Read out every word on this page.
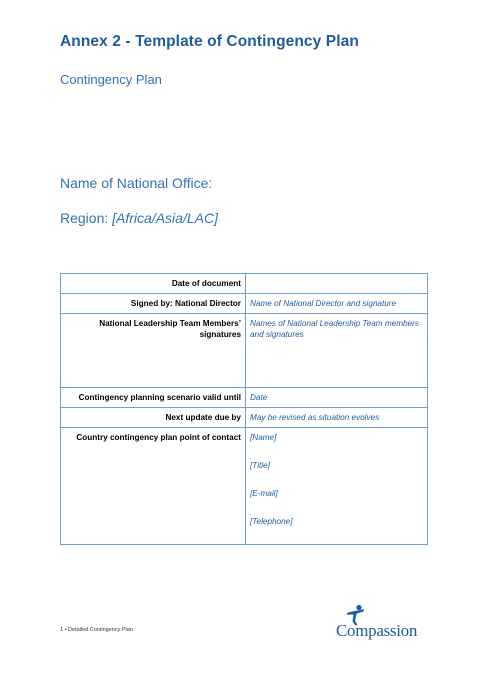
Annex 2 - Template of Contingency Plan
Contingency Plan
Name of National Office:
Region: [Africa/Asia/LAC]
Date of document	
Signed by: National Director	Name of National Director and signature
National Leadership Team Members’ signatures	Names of National Leadership Team members and signatures
Contingency planning scenario valid until	Date
Next update due by	May be revised as situation evolves
Country contingency plan point of contact	[Name]
[Title]
[E-mail]
[Telephone]
1 • Detailed Contingency Plan	Compassion
